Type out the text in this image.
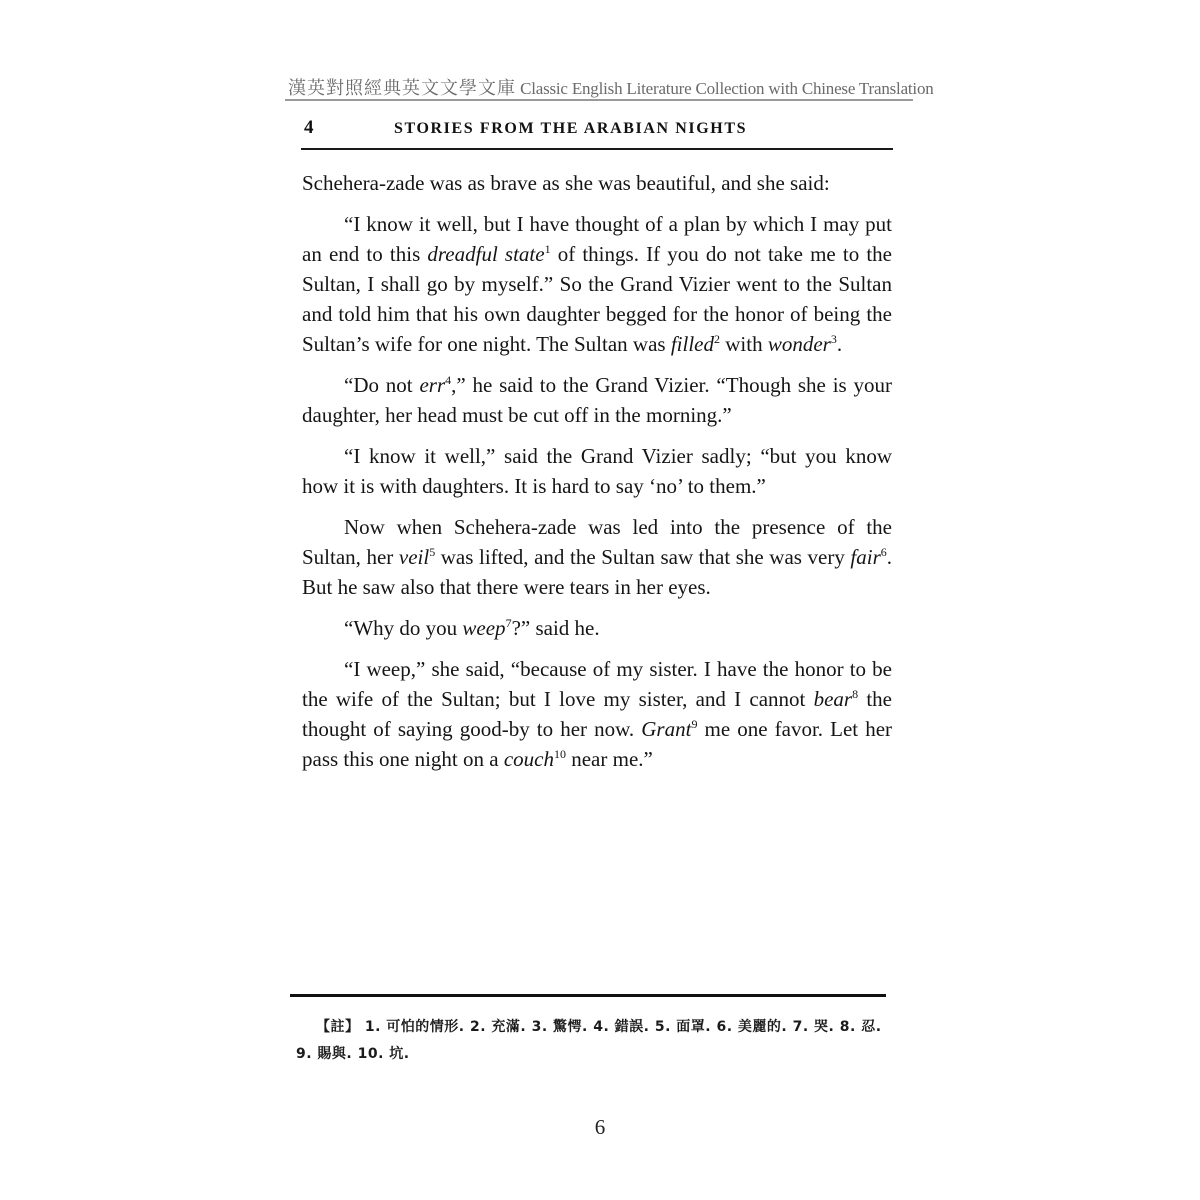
漢英對照經典英文文學文庫 Classic English Literature Collection with Chinese Translation
4	STORIES FROM THE ARABIAN NIGHTS

Schehera-zade was as brave as she was beautiful, and she said:

“I know it well, but I have thought of a plan by which I may put an end to this dreadful state$^1$ of things. If you do not take me to the Sultan, I shall go by myself.” So the Grand Vizier went to the Sultan and told him that his own daughter begged for the honor of being the Sultan’s wife for one night. The Sultan was filled$^2$ with wonder$^3$.

“Do not err$^4$,” he said to the Grand Vizier. “Though she is your daughter, her head must be cut off in the morning.”

“I know it well,” said the Grand Vizier sadly; “but you know how it is with daughters. It is hard to say ‘no’ to them.”

Now when Schehera-zade was led into the presence of the Sultan, her veil$^5$ was lifted, and the Sultan saw that she was very fair$^6$. But he saw also that there were tears in her eyes.

“Why do you weep$^7$?” said he.

“I weep,” she said, “because of my sister. I have the honor to be the wife of the Sultan; but I love my sister, and I cannot bear$^8$ the thought of saying good-by to her now. Grant$^9$ me one favor. Let her pass this one night on a couch$^{10}$ near me.”

【註】 1. 可怕的情形. 2. 充滿. 3. 驚愕. 4. 錯誤. 5. 面罩. 6. 美麗的. 7. 哭. 8. 忍. 9. 賜與. 10. 坑.
6
